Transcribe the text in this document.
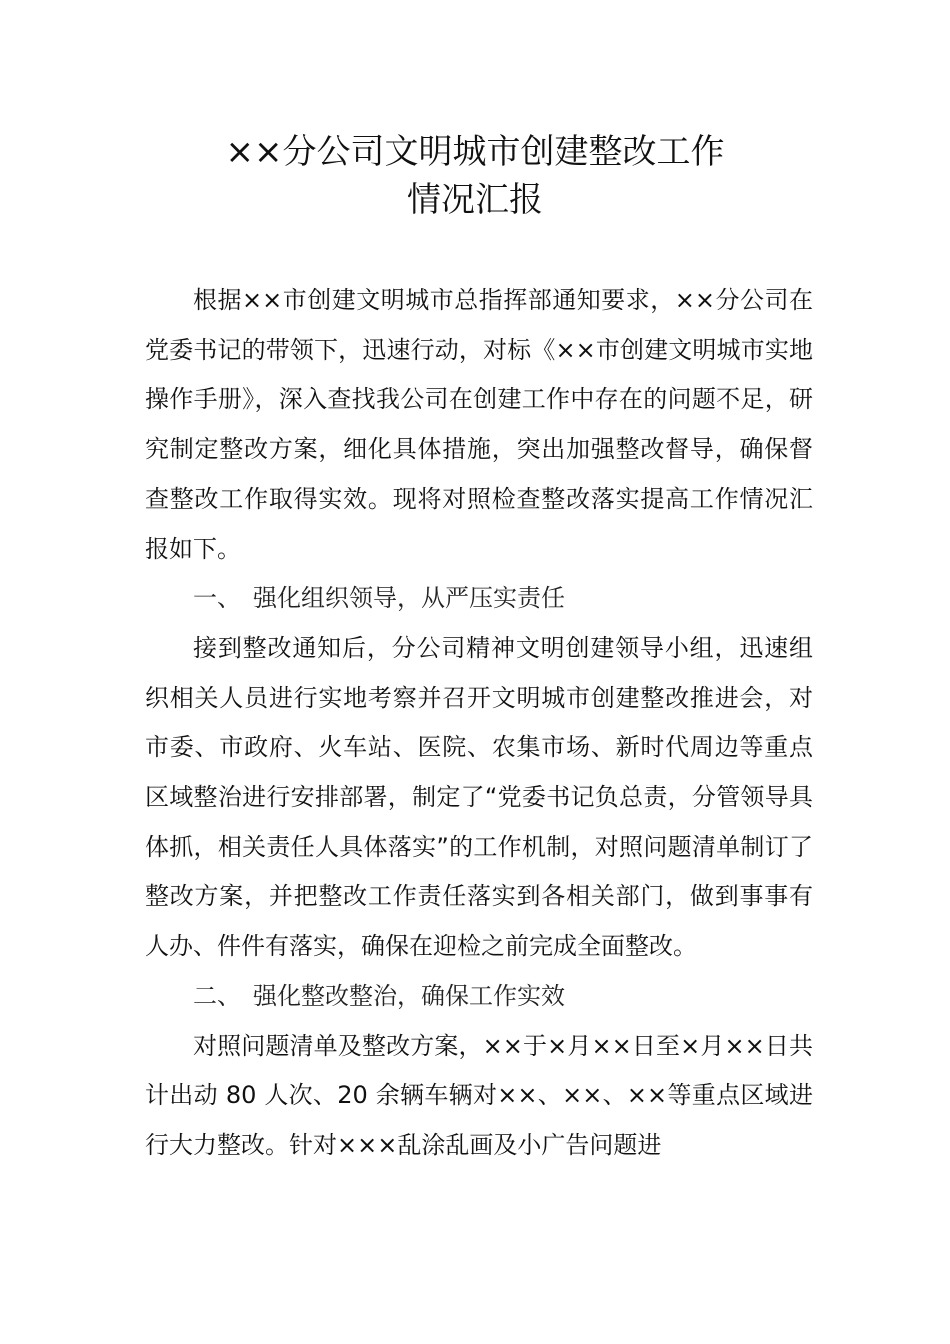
××分公司文明城市创建整改工作
情况汇报

根据××市创建文明城市总指挥部通知要求，××分公司在党委书记的带领下，迅速行动，对标《××市创建文明城市实地操作手册》，深入查找我公司在创建工作中存在的问题不足，研究制定整改方案，细化具体措施，突出加强整改督导，确保督查整改工作取得实效。现将对照检查整改落实提高工作情况汇报如下。

一、 强化组织领导，从严压实责任

接到整改通知后，分公司精神文明创建领导小组，迅速组织相关人员进行实地考察并召开文明城市创建整改推进会，对市委、市政府、火车站、医院、农集市场、新时代周边等重点区域整治进行安排部署，制定了“党委书记负总责，分管领导具体抓，相关责任人具体落实”的工作机制，对照问题清单制订了整改方案，并把整改工作责任落实到各相关部门，做到事事有人办、件件有落实，确保在迎检之前完成全面整改。

二、 强化整改整治，确保工作实效

对照问题清单及整改方案，××于×月××日至×月××日共计出动 80 人次、20 余辆车辆对××、××、××等重点区域进行大力整改。针对×××乱涂乱画及小广告问题进
